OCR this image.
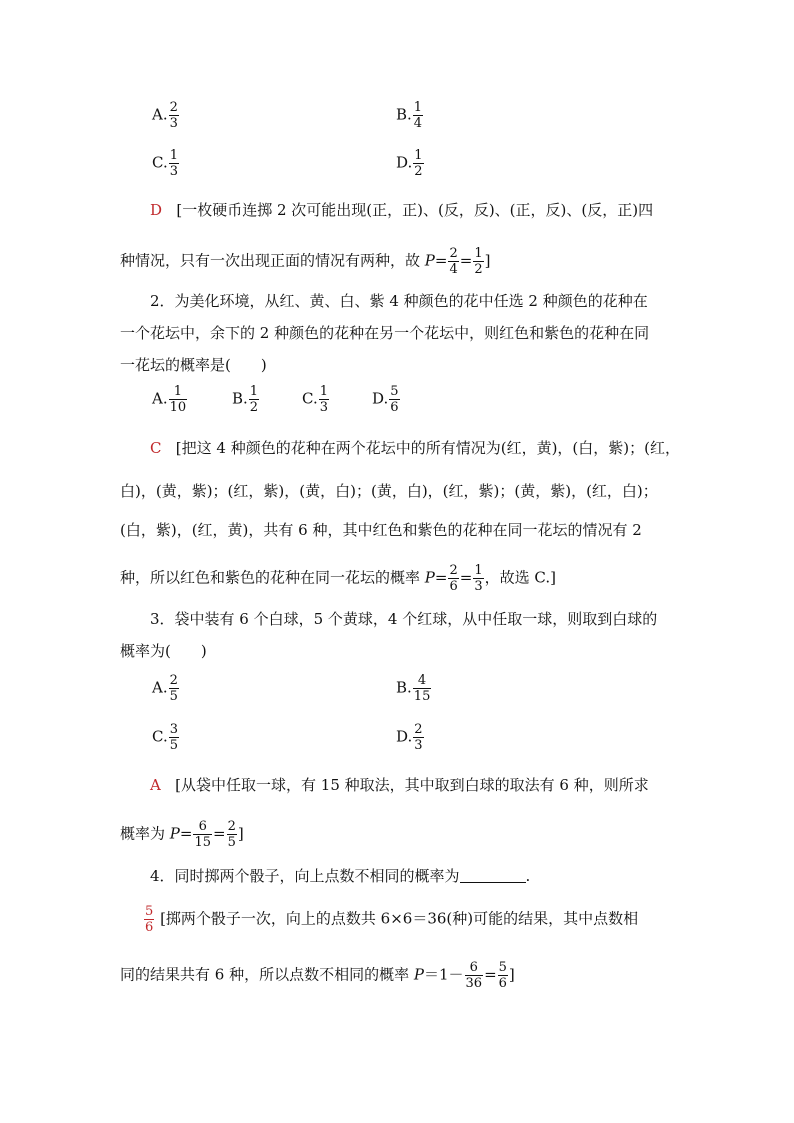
A. $\frac{2}{3}$	B. $\frac{1}{4}$
C. $\frac{1}{3}$	D. $\frac{1}{2}$
D [一枚硬币连掷 2 次可能出现(正，正)、(反，反)、(正，反)、(反，正)四
种情况，只有一次出现正面的情况有两种，故 $P= \frac{2}{4} = \frac{1}{2}$ ]
2．为美化环境，从红、黄、白、紫 4 种颜色的花中任选 2 种颜色的花种在
一个花坛中，余下的 2 种颜色的花种在另一个花坛中，则红色和紫色的花种在同
一花坛的概率是(　　)
A. $\frac{1}{10}$	B. $\frac{1}{2}$	C. $\frac{1}{3}$	D. $\frac{5}{6}$
C [把这 4 种颜色的花种在两个花坛中的所有情况为(红，黄)，(白，紫)；(红，
白)，(黄，紫)；(红，紫)，(黄，白)；(黄，白)，(红，紫)；(黄，紫)，(红，白)；
(白，紫)，(红，黄)，共有 6 种，其中红色和紫色的花种在同一花坛的情况有 2
种，所以红色和紫色的花种在同一花坛的概率 $P= \frac{2}{6} = \frac{1}{3}$ ，故选 C.]
3．袋中装有 6 个白球，5 个黄球，4 个红球，从中任取一球，则取到白球的
概率为(　　)
A. $\frac{2}{5}$	B. $\frac{4}{15}$
C. $\frac{3}{5}$	D. $\frac{2}{3}$
A [从袋中任取一球，有 15 种取法，其中取到白球的取法有 6 种，则所求
概率为 $P= \frac{6}{15} = \frac{2}{5}$ ]
4．同时掷两个骰子，向上点数不相同的概率为	.
$\frac{5}{6}$ [掷两个骰子一次，向上的点数共 6×6＝36(种)可能的结果，其中点数相
同的结果共有 6 种，所以点数不相同的概率 $P=1- \frac{6}{36} = \frac{5}{6}$ ]
